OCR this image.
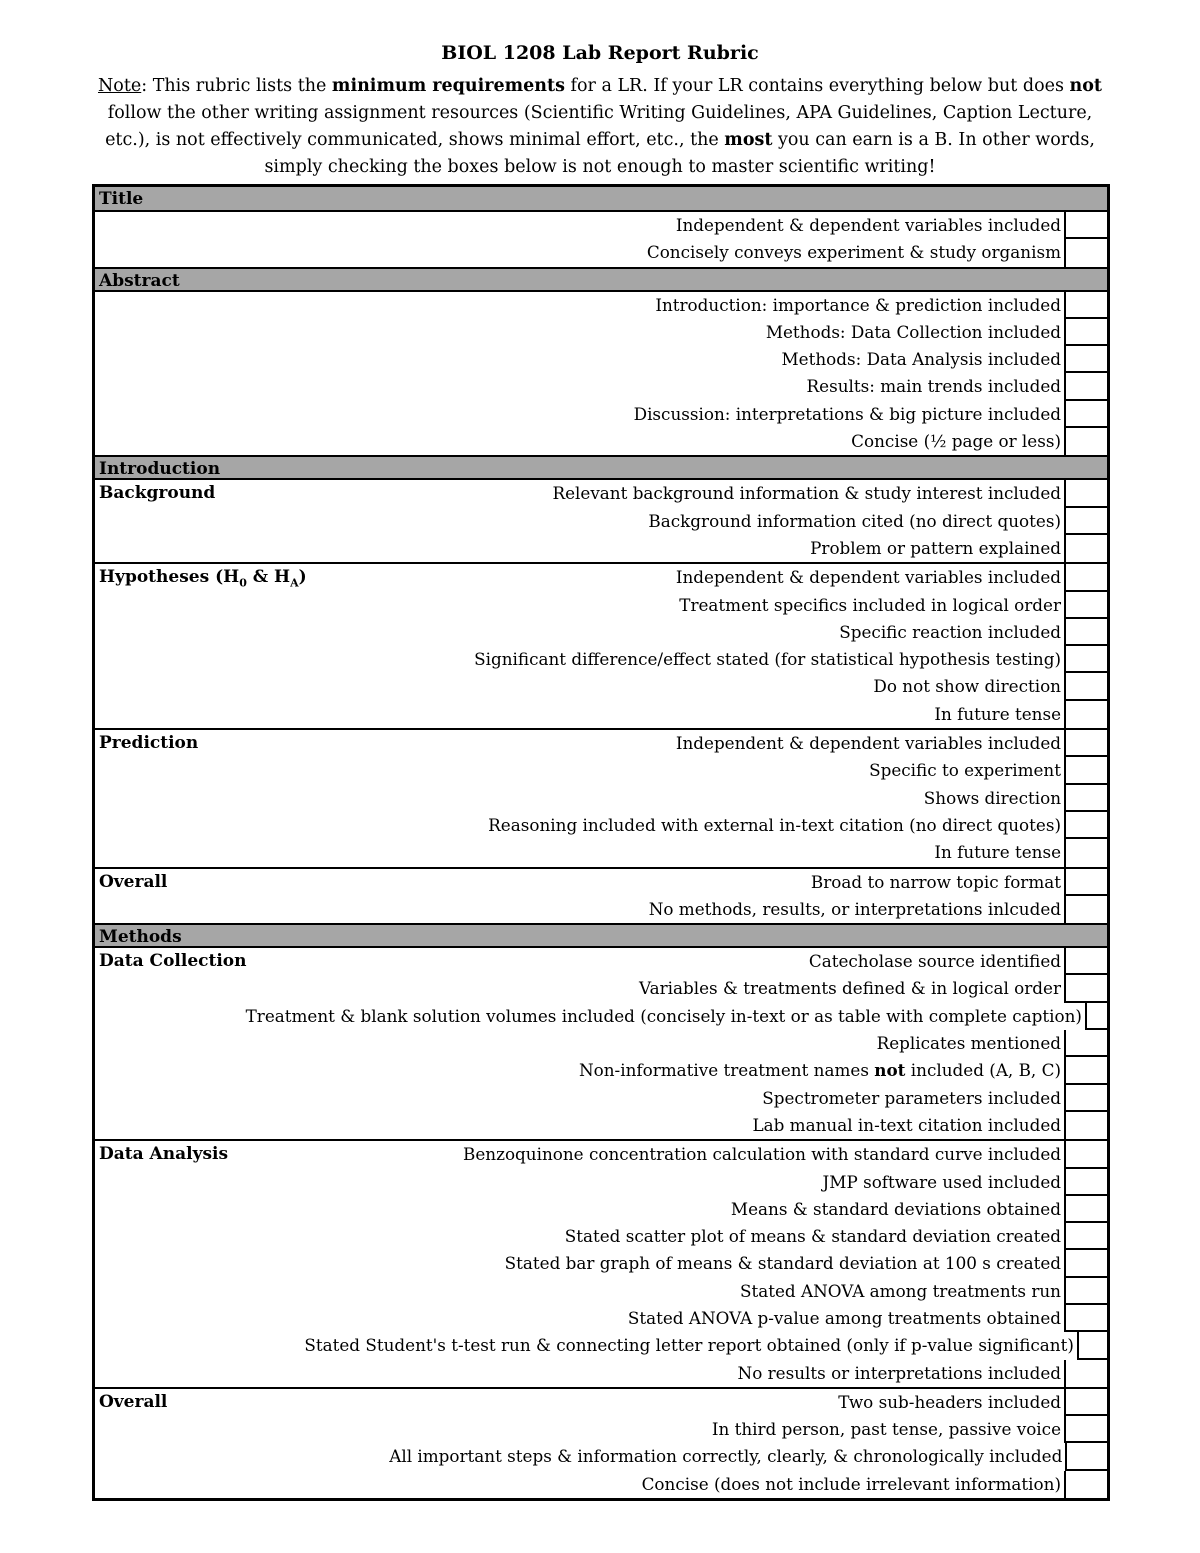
BIOL 1208 Lab Report Rubric
Note: This rubric lists the minimum requirements for a LR. If your LR contains everything below but does not follow the other writing assignment resources (Scientific Writing Guidelines, APA Guidelines, Caption Lecture, etc.), is not effectively communicated, shows minimal effort, etc., the most you can earn is a B. In other words, simply checking the boxes below is not enough to master scientific writing!
Title
Independent & dependent variables included
Concisely conveys experiment & study organism
Abstract
Introduction: importance & prediction included
Methods: Data Collection included
Methods: Data Analysis included
Results: main trends included
Discussion: interpretations & big picture included
Concise (½ page or less)
Introduction
Background	Relevant background information & study interest included
Background information cited (no direct quotes)
Problem or pattern explained
Hypotheses ($H_0$ & $H_A$)	Independent & dependent variables included
Treatment specifics included in logical order
Specific reaction included
Significant difference/effect stated (for statistical hypothesis testing)
Do not show direction
In future tense
Prediction	Independent & dependent variables included
Specific to experiment
Shows direction
Reasoning included with external in-text citation (no direct quotes)
In future tense
Overall	Broad to narrow topic format
No methods, results, or interpretations inlcuded
Methods
Data Collection	Catecholase source identified
Variables & treatments defined & in logical order
Treatment & blank solution volumes included (concisely in-text or as table with complete caption)
Replicates mentioned
Non-informative treatment names not included (A, B, C)
Spectrometer parameters included
Lab manual in-text citation included
Data Analysis	Benzoquinone concentration calculation with standard curve included
JMP software used included
Means & standard deviations obtained
Stated scatter plot of means & standard deviation created
Stated bar graph of means & standard deviation at 100 s created
Stated ANOVA among treatments run
Stated ANOVA p-value among treatments obtained
Stated Student's t-test run & connecting letter report obtained (only if p-value significant)
No results or interpretations included
Overall	Two sub-headers included
In third person, past tense, passive voice
All important steps & information correctly, clearly, & chronologically included
Concise (does not include irrelevant information)
